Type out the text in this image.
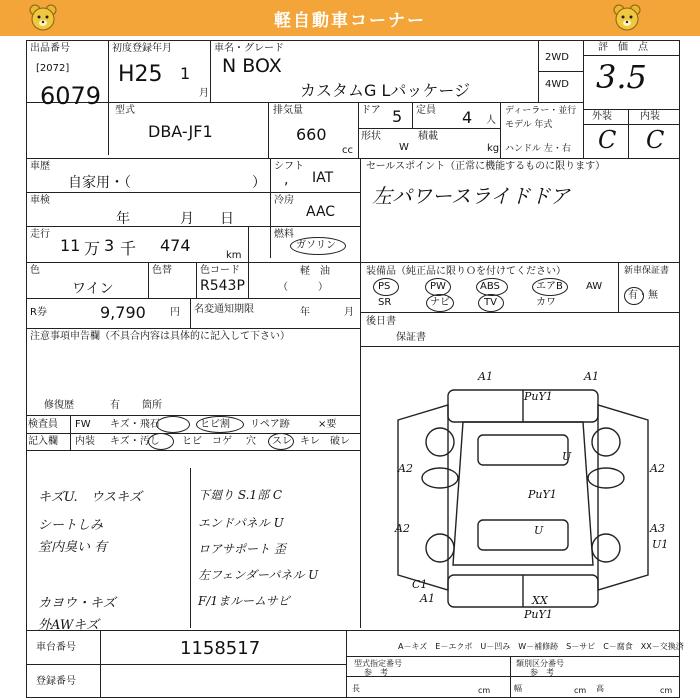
軽自動車コーナー
出品番号
[2072]
6079
初度登録年月
H25 1
月
車名・グレード
N BOX
カスタムG Lパッケージ
2WD
4WD
評　価　点
3.5
外装	内装
C C
型式
DBA-JF1
排気量
660
cc
ドア 5 定員 4 人
形状
W
積載
kg
ディーラー・並行
モデル 年式
ハンドル 左・右
車歴
自家用・（	）
シフト
IAT
,
車検
年	月 日
冷房
AAC
走行
11 万 3 千 474
km
燃料
ガソリン
軽　油
（　　　）
色
ワイン
色替	色コード
R543P
R券	9,790 円 名変通知期限	年	月
セールスポイント（正常に機能するものに限ります）
左パワースライドドア
装備品（純正品に限りＯを付けてください）
PS	PW	ABS	エアB AW
SR	ナビ	TV	カワ
新車保証書
有・無
注意事項申告欄（不具合内容は具体的に記入して下さい）
修復歴	有 箇所
後日書
保証書
検査員
記入欄
FW キズ・飛石	ヒビ割 リペア跡	×要
内装 キズ・汚し ヒビ コゲ 穴 スレ キレ 破レ
キズU.　ウスキズ
シートしみ
室内臭い 有
カヨウ・キズ
外AWキズ
下廻り S.1部 C
エンドパネル U
ロアサポート 歪
左フェンダーパネル U
F/1まルームサビ
A1	A1
PuY1
A2	A2
A2
U
PuY1
U	A3
U1
C1
A1	XX
PuY1
A－キズ　E－エクボ　U－凹み　W－補修跡　S－サビ　C－腐食　XX－交換済
車台番号	1158517
登録番号
型式指定番号	類別区分番号
参　考	参　考
長	cm	幅	cm 高	cm
